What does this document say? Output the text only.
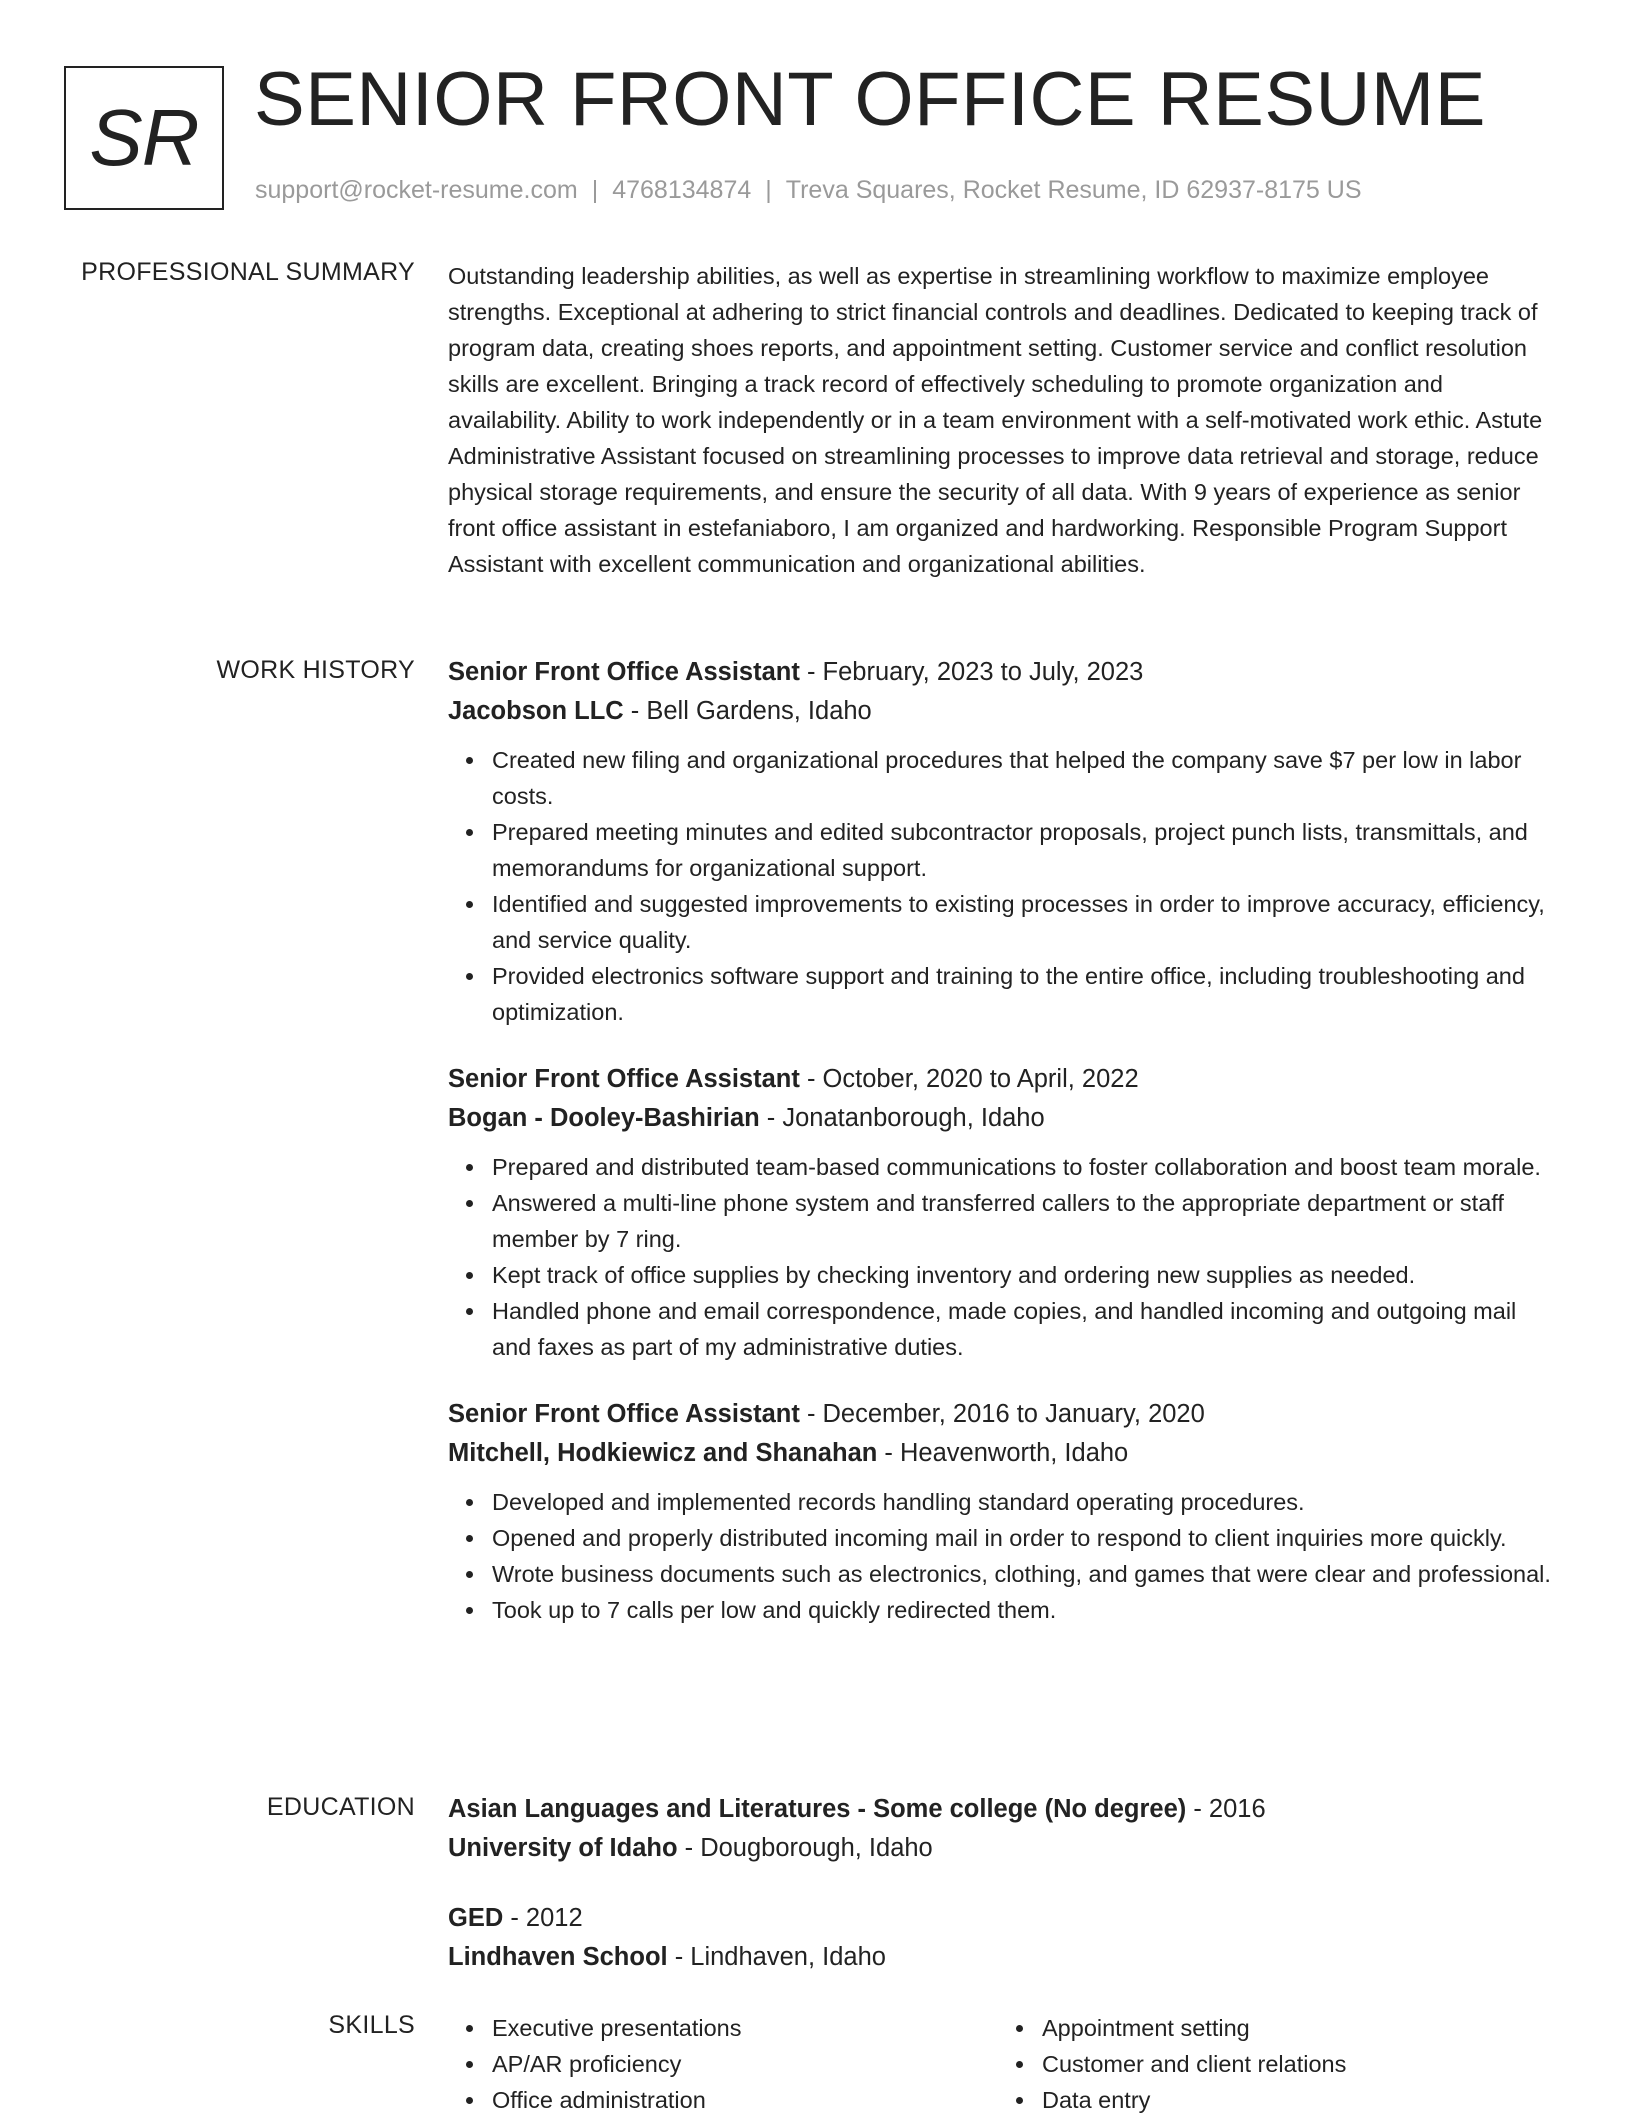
SR SENIOR FRONT OFFICE RESUME
support@rocket-resume.com | 4768134874 | Treva Squares, Rocket Resume, ID 62937-8175 US
PROFESSIONAL SUMMARY Outstanding leadership abilities, as well as expertise in streamlining workflow to maximize employee strengths. Exceptional at adhering to strict financial controls and deadlines. Dedicated to keeping track of program data, creating shoes reports, and appointment setting. Customer service and conflict resolution skills are excellent. Bringing a track record of effectively scheduling to promote organization and availability. Ability to work independently or in a team environment with a self-motivated work ethic. Astute Administrative Assistant focused on streamlining processes to improve data retrieval and storage, reduce physical storage requirements, and ensure the security of all data. With 9 years of experience as senior front office assistant in estefaniaboro, I am organized and hardworking. Responsible Program Support Assistant with excellent communication and organizational abilities.
WORK HISTORY Senior Front Office Assistant - February, 2023 to July, 2023
Jacobson LLC - Bell Gardens, Idaho
Created new filing and organizational procedures that helped the company save $7 per low in labor costs.
Prepared meeting minutes and edited subcontractor proposals, project punch lists, transmittals, and memorandums for organizational support.
Identified and suggested improvements to existing processes in order to improve accuracy, efficiency, and service quality.
Provided electronics software support and training to the entire office, including troubleshooting and optimization.
Senior Front Office Assistant - October, 2020 to April, 2022
Bogan - Dooley-Bashirian - Jonatanborough, Idaho
Prepared and distributed team-based communications to foster collaboration and boost team morale.
Answered a multi-line phone system and transferred callers to the appropriate department or staff member by 7 ring.
Kept track of office supplies by checking inventory and ordering new supplies as needed.
Handled phone and email correspondence, made copies, and handled incoming and outgoing mail and faxes as part of my administrative duties.
Senior Front Office Assistant - December, 2016 to January, 2020
Mitchell, Hodkiewicz and Shanahan - Heavenworth, Idaho
Developed and implemented records handling standard operating procedures.
Opened and properly distributed incoming mail in order to respond to client inquiries more quickly.
Wrote business documents such as electronics, clothing, and games that were clear and professional.
Took up to 7 calls per low and quickly redirected them.
EDUCATION Asian Languages and Literatures - Some college (No degree) - 2016
University of Idaho - Dougborough, Idaho
GED - 2012
Lindhaven School - Lindhaven, Idaho
SKILLS	Executive presentations
AP/AR proficiency
Office administration
Appointment setting
Customer and client relations
Data entry
